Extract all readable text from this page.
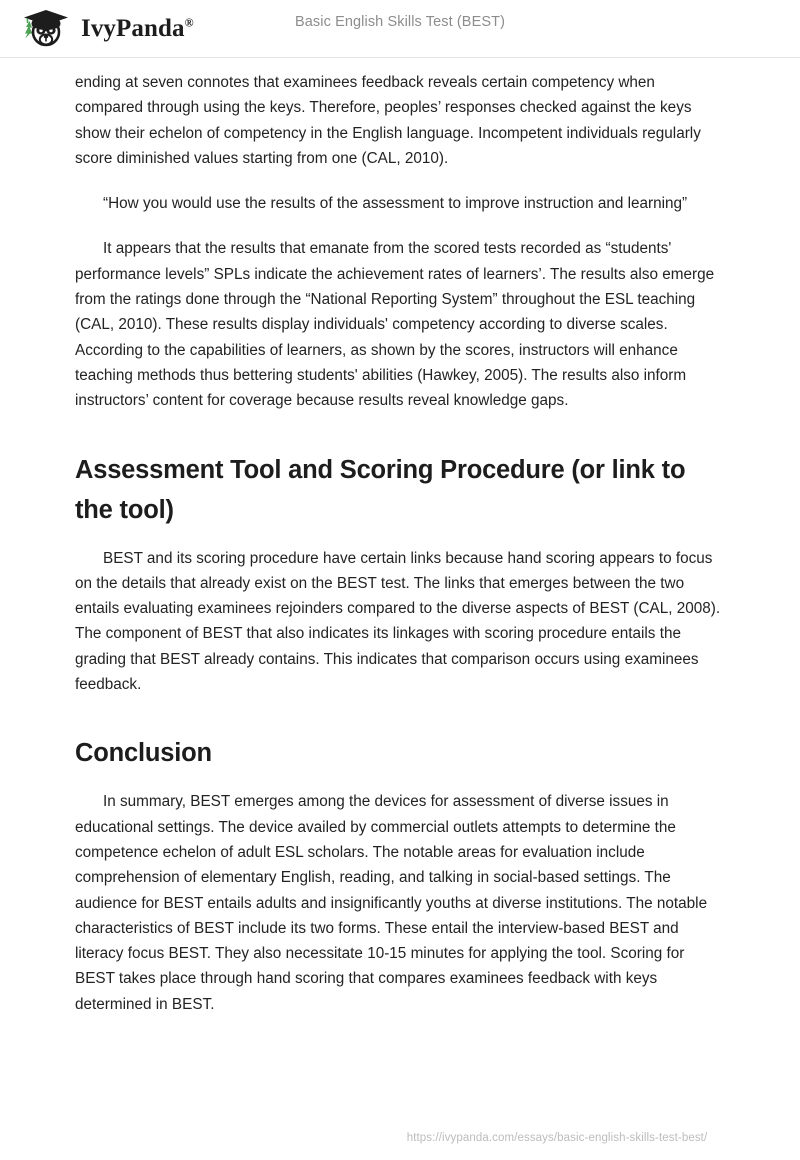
IvyPanda®	Basic English Skills Test (BEST)

ending at seven connotes that examinees feedback reveals certain competency when compared through using the keys. Therefore, peoples’ responses checked against the keys show their echelon of competency in the English language. Incompetent individuals regularly score diminished values starting from one (CAL, 2010).

“How you would use the results of the assessment to improve instruction and learning”

It appears that the results that emanate from the scored tests recorded as “students' performance levels” SPLs indicate the achievement rates of learners’. The results also emerge from the ratings done through the “National Reporting System” throughout the ESL teaching (CAL, 2010). These results display individuals' competency according to diverse scales. According to the capabilities of learners, as shown by the scores, instructors will enhance teaching methods thus bettering students' abilities (Hawkey, 2005). The results also inform instructors’ content for coverage because results reveal knowledge gaps.

Assessment Tool and Scoring Procedure (or link to the tool)

BEST and its scoring procedure have certain links because hand scoring appears to focus on the details that already exist on the BEST test. The links that emerges between the two entails evaluating examinees rejoinders compared to the diverse aspects of BEST (CAL, 2008). The component of BEST that also indicates its linkages with scoring procedure entails the grading that BEST already contains. This indicates that comparison occurs using examinees feedback.

Conclusion

In summary, BEST emerges among the devices for assessment of diverse issues in educational settings. The device availed by commercial outlets attempts to determine the competence echelon of adult ESL scholars. The notable areas for evaluation include comprehension of elementary English, reading, and talking in social-based settings. The audience for BEST entails adults and insignificantly youths at diverse institutions. The notable characteristics of BEST include its two forms. These entail the interview-based BEST and literacy focus BEST. They also necessitate 10-15 minutes for applying the tool. Scoring for BEST takes place through hand scoring that compares examinees feedback with keys determined in BEST.

https://ivypanda.com/essays/basic-english-skills-test-best/
